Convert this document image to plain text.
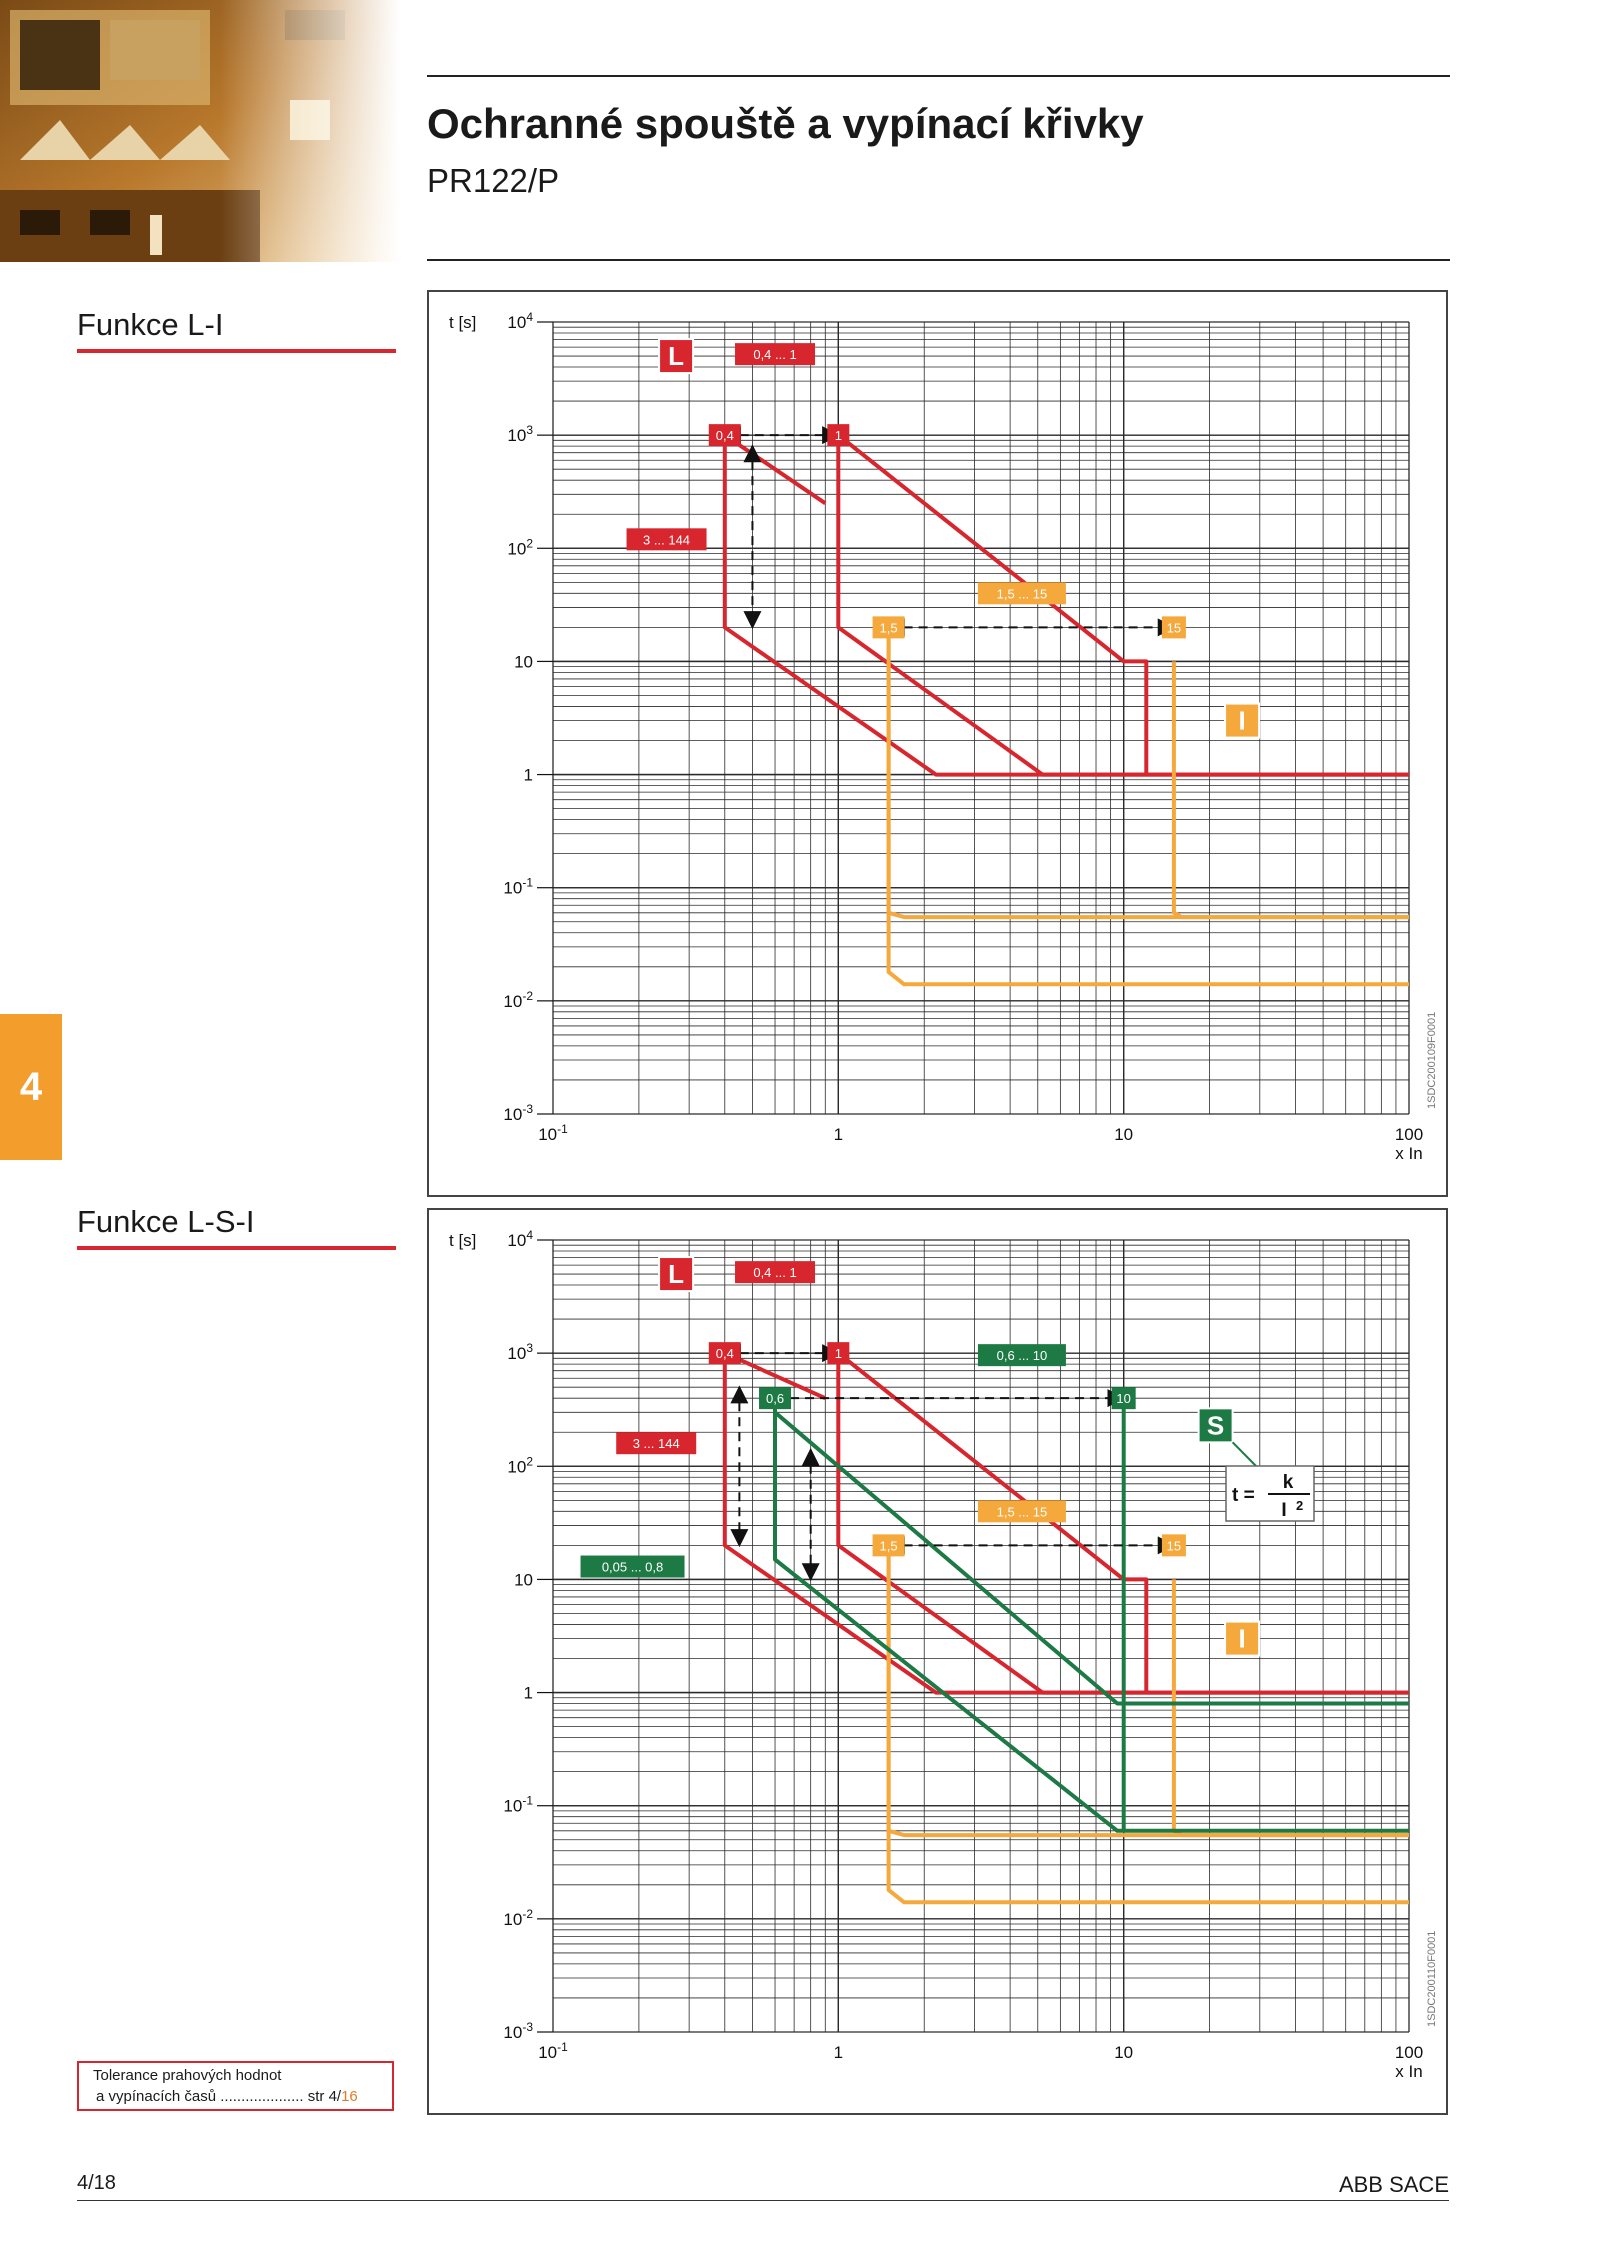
Ochranné spouště a vypínací křivky
PR122/P
Funkce L-I
Funkce L-S-I
4
$10^4$
$10^3$
$10^2$
10
1
$10^{-1}$
$10^{-2}$
$10^{-3}$
$10^{-1}$	1	10	100
t [s]
x In
1SDC200109F0001
L	0,4 ... 1
0,4	1
3 ... 144
1,5 ... 15
1,5	15
I
$10^4$
$10^3$
$10^2$
10
1
$10^{-1}$
$10^{-2}$
$10^{-3}$
$10^{-1}$	1	10	100
t [s]
x In
1SDC200110F0001
L	0,4 ... 1
0,4	1	0,6 ... 10
0,6	10
3 ... 144
S
1,5 ... 15
1,5	15
0,05 ... 0,8
I
t =
k
I 2
Tolerance prahových hodnot
a vypínacích časů .................... str 4/16
4/18	ABB SACE
